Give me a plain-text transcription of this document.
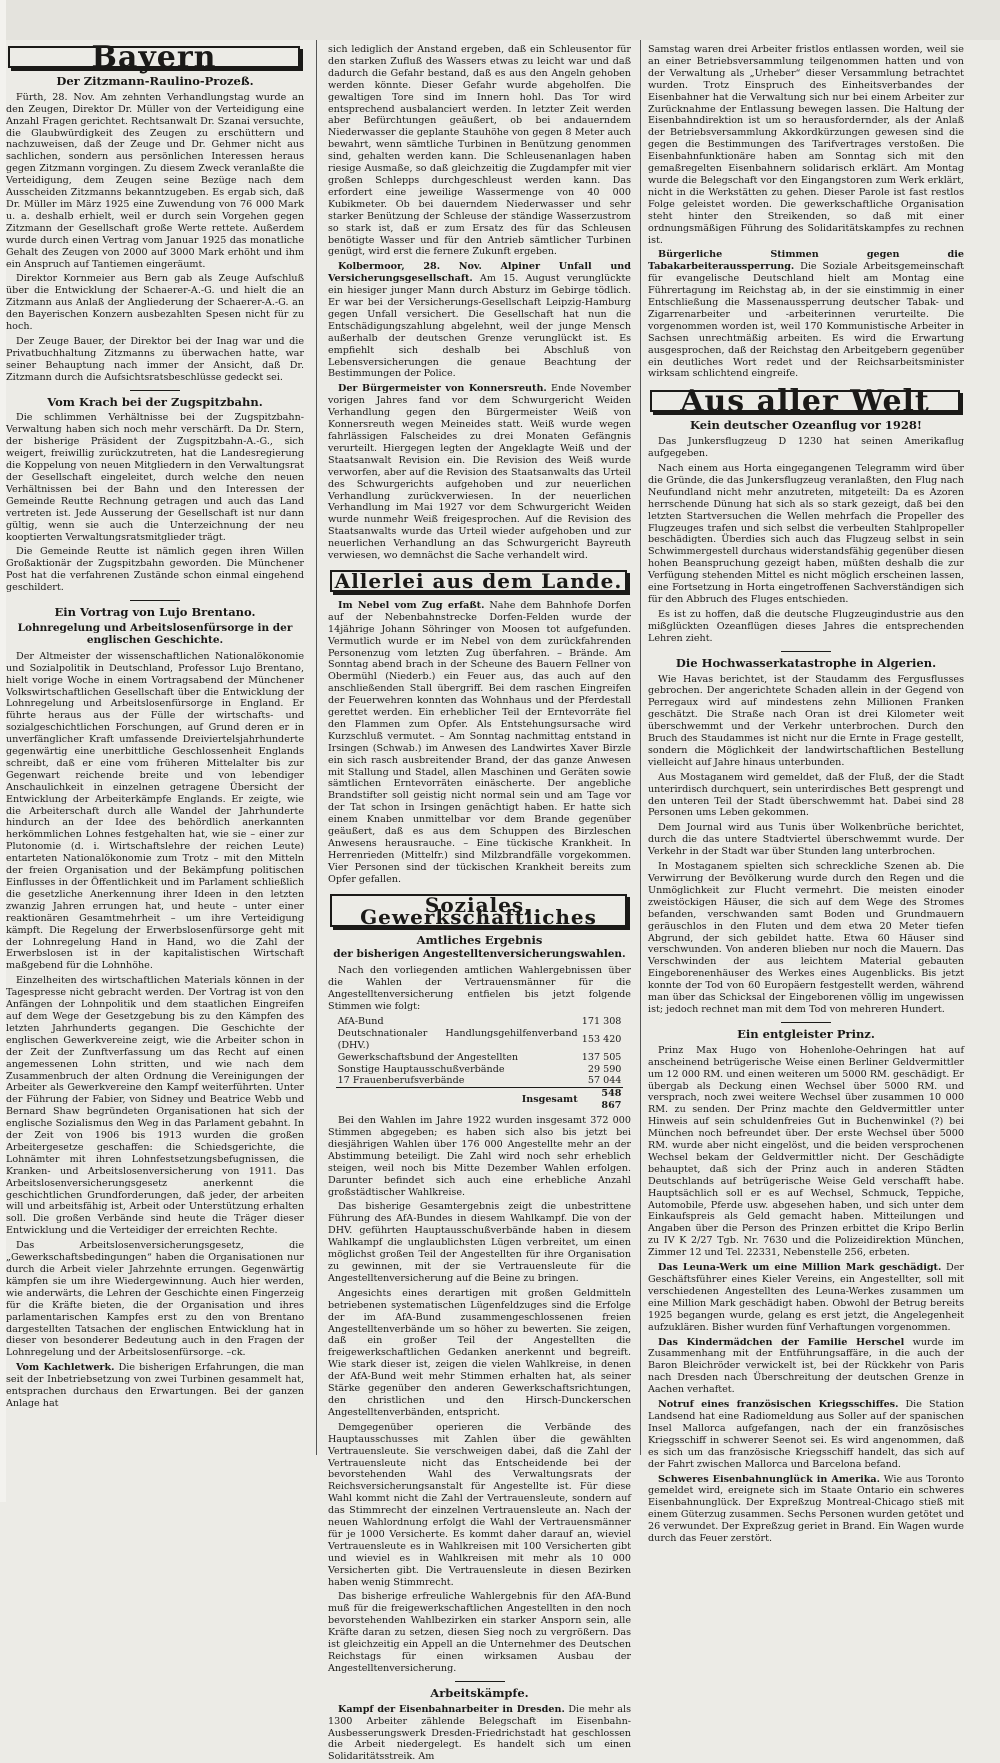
Bayern
Der Zitzmann-Raulino-Prozeß.

Fürth, 28. Nov. Am zehnten Verhandlungstag wurde an den Zeugen, Direktor Dr. Müller von der Verteidigung eine Anzahl Fragen gerichtet. Rechtsanwalt Dr. Szanai versuchte, die Glaubwürdigkeit des Zeugen zu erschüttern und nachzuweisen, daß der Zeuge und Dr. Gehmer nicht aus sachlichen, sondern aus persönlichen Interessen heraus gegen Zitzmann vorgingen. Zu diesem Zweck veranlaßte die Verteidigung, dem Zeugen seine Bezüge nach dem Ausscheiden Zitzmanns bekanntzugeben. Es ergab sich, daß Dr. Müller im März 1925 eine Zuwendung von 76 000 Mark u. a. deshalb erhielt, weil er durch sein Vorgehen gegen Zitzmann der Gesellschaft große Werte rettete. Außerdem wurde durch einen Vertrag vom Januar 1925 das monatliche Gehalt des Zeugen von 2000 auf 3000 Mark erhöht und ihm ein Anspruch auf Tantiemen eingeräumt.

Direktor Kornmeier aus Bern gab als Zeuge Aufschluß über die Entwicklung der Schaerer-A.-G. und hielt die an Zitzmann aus Anlaß der Angliederung der Schaerer-A.-G. an den Bayerischen Konzern ausbezahlten Spesen nicht für zu hoch.

Der Zeuge Bauer, der Direktor bei der Inag war und die Privatbuchhaltung Zitzmanns zu überwachen hatte, war seiner Behauptung nach immer der Ansicht, daß Dr. Zitzmann durch die Aufsichtsratsbeschlüsse gedeckt sei.

Vom Krach bei der Zugspitzbahn.

Die schlimmen Verhältnisse bei der Zugspitzbahn-Verwaltung haben sich noch mehr verschärft. Da Dr. Stern, der bisherige Präsident der Zugspitzbahn-A.-G., sich weigert, freiwillig zurückzutreten, hat die Landesregierung die Koppelung von neuen Mitgliedern in den Verwaltungsrat der Gesellschaft eingeleitet, durch welche den neuen Verhältnissen bei der Bahn und den Interessen der Gemeinde Reutte Rechnung getragen und auch das Land vertreten ist. Jede Ausserung der Gesellschaft ist nur dann gültig, wenn sie auch die Unterzeichnung der neu kooptierten Verwaltungsratsmitglieder trägt.

Die Gemeinde Reutte ist nämlich gegen ihren Willen Großaktionär der Zugspitzbahn geworden. Die Münchener Post hat die verfahrenen Zustände schon einmal eingehend geschildert.

Ein Vortrag von Lujo Brentano.
Lohnregelung und Arbeitslosenfürsorge in der englischen Geschichte.

Der Altmeister der wissenschaftlichen Nationalökonomie und Sozialpolitik in Deutschland, Professor Lujo Brentano, hielt vorige Woche in einem Vortragsabend der Münchener Volkswirtschaftlichen Gesellschaft über die Entwicklung der Lohnregelung und Arbeitslosenfürsorge in England. Er führte heraus aus der Fülle der wirtschafts- und sozialgeschichtlichen Forschungen, auf Grund deren er in unverfänglicher Kraft umfassende Dreiviertelsjahrhunderte gegenwärtig eine unerbittliche Geschlossenheit Englands schreibt, daß er eine vom früheren Mittelalter bis zur Gegenwart reichende breite und von lebendiger Anschaulichkeit in einzelnen getragene Übersicht der Entwicklung der Arbeiterkämpfe Englands. Er zeigte, wie die Arbeiterschaft durch alle Wandel der Jahrhunderte hindurch an der Idee des behördlich anerkannten herkömmlichen Lohnes festgehalten hat, wie sie – einer zur Plutonomie (d. i. Wirtschaftslehre der reichen Leute) entarteten Nationalökonomie zum Trotz – mit den Mitteln der freien Organisation und der Bekämpfung politischen Einflusses in der Öffentlichkeit und im Parlament schließlich die gesetzliche Anerkennung ihrer Ideen in den letzten zwanzig Jahren errungen hat, und heute – unter einer reaktionären Gesamtmehrheit – um ihre Verteidigung kämpft. Die Regelung der Erwerbslosenfürsorge geht mit der Lohnregelung Hand in Hand, wo die Zahl der Erwerbslosen ist in der kapitalistischen Wirtschaft maßgebend für die Lohnhöhe.

Einzelheiten des wirtschaftlichen Materials können in der Tagespresse nicht gebracht werden. Der Vortrag ist von den Anfängen der Lohnpolitik und dem staatlichen Eingreifen auf dem Wege der Gesetzgebung bis zu den Kämpfen des letzten Jahrhunderts gegangen. Die Geschichte der englischen Gewerkvereine zeigt, wie die Arbeiter schon in der Zeit der Zunftverfassung um das Recht auf einen angemessenen Lohn stritten, und wie nach dem Zusammenbruch der alten Ordnung die Vereinigungen der Arbeiter als Gewerkvereine den Kampf weiterführten. Unter der Führung der Fabier, von Sidney und Beatrice Webb und Bernard Shaw begründeten Organisationen hat sich der englische Sozialismus den Weg in das Parlament gebahnt. In der Zeit von 1906 bis 1913 wurden die großen Arbeitergesetze geschaffen: die Schiedsgerichte, die Lohnämter mit ihren Lohnfestsetzungsbefugnissen, die Kranken- und Arbeitslosenversicherung von 1911. Das Arbeitslosenversicherungsgesetz anerkennt die geschichtlichen Grundforderungen, daß jeder, der arbeiten will und arbeitsfähig ist, Arbeit oder Unterstützung erhalten soll. Die großen Verbände sind heute die Träger dieser Entwicklung und die Verteidiger der erreichten Rechte.

Das Arbeitslosenversicherungsgesetz, die „Gewerkschaftsbedingungen“ haben die Organisationen nur durch die Arbeit vieler Jahrzehnte errungen. Gegenwärtig kämpfen sie um ihre Wiedergewinnung. Auch hier werden, wie anderwärts, die Lehren der Geschichte einen Fingerzeig für die Kräfte bieten, die der Organisation und ihres parlamentarischen Kampfes erst zu den von Brentano dargestellten Tatsachen der englischen Entwicklung hat in dieser von besonderer Bedeutung auch in den Fragen der Lohnregelung und der Arbeitslosenfürsorge. –ck.

Vom Kachletwerk. Die bisherigen Erfahrungen, die man seit der Inbetriebsetzung von zwei Turbinen gesammelt hat, entsprachen durchaus den Erwartungen. Bei der ganzen Anlage hat

sich lediglich der Anstand ergeben, daß ein Schleusentor für den starken Zufluß des Wassers etwas zu leicht war und daß dadurch die Gefahr bestand, daß es aus den Angeln gehoben werden könnte. Dieser Gefahr wurde abgeholfen. Die gewaltigen Tore sind im Innern hohl. Das Tor wird entsprechend ausbalanciert werden. In letzter Zeit werden aber Befürchtungen geäußert, ob bei andauerndem Niederwasser die geplante Stauhöhe von gegen 8 Meter auch bewahrt, wenn sämtliche Turbinen in Benützung genommen sind, gehalten werden kann. Die Schleusenanlagen haben riesige Ausmaße, so daß gleichzeitig die Zugdampfer mit vier großen Schlepps durchgeschleust werden kann. Das erfordert eine jeweilige Wassermenge von 40 000 Kubikmeter. Ob bei dauerndem Niederwasser und sehr starker Benützung der Schleuse der ständige Wasserzustrom so stark ist, daß er zum Ersatz des für das Schleusen benötigte Wasser und für den Antrieb sämtlicher Turbinen genügt, wird erst die fernere Zukunft ergeben.

Kolbermoor, 28. Nov. Alpiner Unfall und Versicherungsgesellschaft. Am 15. August verunglückte ein hiesiger junger Mann durch Absturz im Gebirge tödlich. Er war bei der Versicherungs-Gesellschaft Leipzig-Hamburg gegen Unfall versichert. Die Gesellschaft hat nun die Entschädigungszahlung abgelehnt, weil der junge Mensch außerhalb der deutschen Grenze verunglückt ist. Es empfiehlt sich deshalb bei Abschluß von Lebensversicherungen die genaue Beachtung der Bestimmungen der Police.

Der Bürgermeister von Konnersreuth. Ende November vorigen Jahres fand vor dem Schwurgericht Weiden Verhandlung gegen den Bürgermeister Weiß von Konnersreuth wegen Meineides statt. Weiß wurde wegen fahrlässigen Falscheides zu drei Monaten Gefängnis verurteilt. Hiergegen legten der Angeklagte Weiß und der Staatsanwalt Revision ein. Die Revision des Weiß wurde verworfen, aber auf die Revision des Staatsanwalts das Urteil des Schwurgerichts aufgehoben und zur neuerlichen Verhandlung zurückverwiesen. In der neuerlichen Verhandlung im Mai 1927 vor dem Schwurgericht Weiden wurde nunmehr Weiß freigesprochen. Auf die Revision des Staatsanwalts wurde das Urteil wieder aufgehoben und zur neuerlichen Verhandlung an das Schwurgericht Bayreuth verwiesen, wo demnächst die Sache verhandelt wird.

Allerlei aus dem Lande.

Im Nebel vom Zug erfaßt. Nahe dem Bahnhofe Dorfen auf der Nebenbahnstrecke Dorfen-Felden wurde der 14jährige Johann Söhringer von Moosen tot aufgefunden. Vermutlich wurde er im Nebel von dem zurückfahrenden Personenzug vom letzten Zug überfahren. – Brände. Am Sonntag abend brach in der Scheune des Bauern Fellner von Obermühl (Niederb.) ein Feuer aus, das auch auf den anschließenden Stall übergriff. Bei dem raschen Eingreifen der Feuerwehren konnten das Wohnhaus und der Pferdestall gerettet werden. Ein erheblicher Teil der Erntevorräte fiel den Flammen zum Opfer. Als Entstehungsursache wird Kurzschluß vermutet. – Am Sonntag nachmittag entstand in Irsingen (Schwab.) im Anwesen des Landwirtes Xaver Birzle ein sich rasch ausbreitender Brand, der das ganze Anwesen mit Stallung und Stadel, allen Maschinen und Geräten sowie sämtlichen Erntevorräten einäscherte. Der angebliche Brandstifter soll geistig nicht normal sein und am Tage vor der Tat schon in Irsingen genächtigt haben. Er hatte sich einem Knaben unmittelbar vor dem Brande gegenüber geäußert, daß es aus dem Schuppen des Birzleschen Anwesens herausrauche. – Eine tückische Krankheit. In Herrenrieden (Mittelfr.) sind Milzbrandfälle vorgekommen. Vier Personen sind der tückischen Krankheit bereits zum Opfer gefallen.

Soziales, Gewerkschaftliches
Amtliches Ergebnis
der bisherigen Angestelltenversicherungswahlen.

Nach den vorliegenden amtlichen Wahlergebnissen über die Wahlen der Vertrauensmänner für die Angestelltenversicherung entfielen bis jetzt folgende Stimmen wie folgt:

AfA-Bund	171 308
Deutschnationaler Handlungsgehilfenverband (DHV.)	153 420
Gewerkschaftsbund der Angestellten	137 505
Sonstige Hauptausschußverbände	29 590
17 Frauenberufsverbände	57 044
Insgesamt	548 867

Bei den Wahlen im Jahre 1922 wurden insgesamt 372 000 Stimmen abgegeben; es haben sich also bis jetzt bei diesjährigen Wahlen über 176 000 Angestellte mehr an der Abstimmung beteiligt. Die Zahl wird noch sehr erheblich steigen, weil noch bis Mitte Dezember Wahlen erfolgen. Darunter befindet sich auch eine erhebliche Anzahl großstädtischer Wahlkreise.

Das bisherige Gesamtergebnis zeigt die unbestrittene Führung des AfA-Bundes in diesem Wahlkampf. Die von der DHV. geführten Hauptausschußverbände haben in diesem Wahlkampf die unglaublichsten Lügen verbreitet, um einen möglichst großen Teil der Angestellten für ihre Organisation zu gewinnen, mit der sie Vertrauensleute für die Angestelltenversicherung auf die Beine zu bringen.

Angesichts eines derartigen mit großen Geldmitteln betriebenen systematischen Lügenfeldzuges sind die Erfolge der im AfA-Bund zusammengeschlossenen freien Angestelltenverbände um so höher zu bewerten. Sie zeigen, daß ein großer Teil der Angestellten die freigewerkschaftlichen Gedanken anerkennt und begreift. Wie stark dieser ist, zeigen die vielen Wahlkreise, in denen der AfA-Bund weit mehr Stimmen erhalten hat, als seiner Stärke gegenüber den anderen Gewerkschaftsrichtungen, den christlichen und den Hirsch-Dunckerschen Angestelltenverbänden, entspricht.

Demgegenüber operieren die Verbände des Hauptausschusses mit Zahlen über die gewählten Vertrauensleute. Sie verschweigen dabei, daß die Zahl der Vertrauensleute nicht das Entscheidende bei der bevorstehenden Wahl des Verwaltungsrats der Reichsversicherungsanstalt für Angestellte ist. Für diese Wahl kommt nicht die Zahl der Vertrauensleute, sondern auf das Stimmrecht der einzelnen Vertrauensleute an. Nach der neuen Wahlordnung erfolgt die Wahl der Vertrauensmänner für je 1000 Versicherte. Es kommt daher darauf an, wieviel Vertrauensleute es in Wahlkreisen mit 100 Versicherten gibt und wieviel es in Wahlkreisen mit mehr als 10 000 Versicherten gibt. Die Vertrauensleute in diesen Bezirken haben wenig Stimmrecht.

Das bisherige erfreuliche Wahlergebnis für den AfA-Bund muß für die freigewerkschaftlichen Angestellten in den noch bevorstehenden Wahlbezirken ein starker Ansporn sein, alle Kräfte daran zu setzen, diesen Sieg noch zu vergrößern. Das ist gleichzeitig ein Appell an die Unternehmer des Deutschen Reichstags für einen wirksamen Ausbau der Angestelltenversicherung.

Arbeitskämpfe.

Kampf der Eisenbahnarbeiter in Dresden. Die mehr als 1300 Arbeiter zählende Belegschaft im Eisenbahn-Ausbesserungswerk Dresden-Friedrichstadt hat geschlossen die Arbeit niedergelegt. Es handelt sich um einen Solidaritätsstreik. Am

Samstag waren drei Arbeiter fristlos entlassen worden, weil sie an einer Betriebsversammlung teilgenommen hatten und von der Verwaltung als „Urheber“ dieser Versammlung betrachtet wurden. Trotz Einspruch des Einheitsverbandes der Eisenbahner hat die Verwaltung sich nur bei einem Arbeiter zur Zurücknahme der Entlassung bewegen lassen. Die Haltung der Eisenbahndirektion ist um so herausfordernder, als der Anlaß der Betriebsversammlung Akkordkürzungen gewesen sind die gegen die Bestimmungen des Tarifvertrages verstoßen. Die Eisenbahnfunktionäre haben am Sonntag sich mit den gemaßregelten Eisenbahnern solidarisch erklärt. Am Montag wurde die Belegschaft vor den Eingangstoren zum Werk erklärt, nicht in die Werkstätten zu gehen. Dieser Parole ist fast restlos Folge geleistet worden. Die gewerkschaftliche Organisation steht hinter den Streikenden, so daß mit einer ordnungsmäßigen Führung des Solidaritätskampfes zu rechnen ist.

Bürgerliche Stimmen gegen die Tabakarbeiteraussperrung. Die Soziale Arbeitsgemeinschaft für evangelische Deutschland hielt am Montag eine Führertagung im Reichstag ab, in der sie einstimmig in einer Entschließung die Massenaussperrung deutscher Tabak- und Zigarrenarbeiter und -arbeiterinnen verurteilte. Die vorgenommen worden ist, weil 170 Kommunistische Arbeiter in Sachsen unrechtmäßig arbeiten. Es wird die Erwartung ausgesprochen, daß der Reichstag den Arbeitgebern gegenüber ein deutliches Wort redet und der Reichsarbeitsminister wirksam schlichtend eingreife.

Aus aller Welt
Kein deutscher Ozeanflug vor 1928!

Das Junkersflugzeug D 1230 hat seinen Amerikaflug aufgegeben.

Nach einem aus Horta eingegangenen Telegramm wird über die Gründe, die das Junkersflugzeug veranlaßten, den Flug nach Neufundland nicht mehr anzutreten, mitgeteilt: Da es Azoren herrschende Dünung hat sich als so stark gezeigt, daß bei den letzten Startversuchen die Wellen mehrfach die Propeller des Flugzeuges trafen und sich selbst die verbeulten Stahlpropeller beschädigten. Überdies sich auch das Flugzeug selbst in sein Schwimmergestell durchaus widerstandsfähig gegenüber diesen hohen Beanspruchung gezeigt haben, müßten deshalb die zur Verfügung stehenden Mittel es nicht möglich erscheinen lassen, eine Fortsetzung in Horta eingetroffenen Sachverständigen sich für den Abbruch des Fluges entschieden.

Es ist zu hoffen, daß die deutsche Flugzeugindustrie aus den mißglückten Ozeanflügen dieses Jahres die entsprechenden Lehren zieht.

Die Hochwasserkatastrophe in Algerien.

Wie Havas berichtet, ist der Staudamm des Fergusflusses gebrochen. Der angerichtete Schaden allein in der Gegend von Perregaux wird auf mindestens zehn Millionen Franken geschätzt. Die Straße nach Oran ist drei Kilometer weit überschwemmt und der Verkehr unterbrochen. Durch den Bruch des Staudammes ist nicht nur die Ernte in Frage gestellt, sondern die Möglichkeit der landwirtschaftlichen Bestellung vielleicht auf Jahre hinaus unterbunden.

Aus Mostaganem wird gemeldet, daß der Fluß, der die Stadt unterirdisch durchquert, sein unterirdisches Bett gesprengt und den unteren Teil der Stadt überschwemmt hat. Dabei sind 28 Personen ums Leben gekommen.

Dem Journal wird aus Tunis über Wolkenbrüche berichtet, durch die das untere Stadtviertel überschwemmt wurde. Der Verkehr in der Stadt war über Stunden lang unterbrochen.

In Mostaganem spielten sich schreckliche Szenen ab. Die Verwirrung der Bevölkerung wurde durch den Regen und die Unmöglichkeit zur Flucht vermehrt. Die meisten einoder zweistöckigen Häuser, die sich auf dem Wege des Stromes befanden, verschwanden samt Boden und Grundmauern geräuschlos in den Fluten und dem etwa 20 Meter tiefen Abgrund, der sich gebildet hatte. Etwa 60 Häuser sind verschwunden. Von anderen blieben nur noch die Mauern. Das Verschwinden der aus leichtem Material gebauten Eingeborenenhäuser des Werkes eines Augenblicks. Bis jetzt konnte der Tod von 60 Europäern festgestellt werden, während man über das Schicksal der Eingeborenen völlig im ungewissen ist; jedoch rechnet man mit dem Tod von mehreren Hundert.

Ein entgleister Prinz.

Prinz Max Hugo von Hohenlohe-Oehringen hat auf anscheinend betrügerische Weise einen Berliner Geldvermittler um 12 000 RM. und einen weiteren um 5000 RM. geschädigt. Er übergab als Deckung einen Wechsel über 5000 RM. und versprach, noch zwei weitere Wechsel über zusammen 10 000 RM. zu senden. Der Prinz machte den Geldvermittler unter Hinweis auf sein schuldenfreies Gut in Buchenwinkel (?) bei München noch befreundet über. Der erste Wechsel über 5000 RM. wurde aber nicht eingelöst, und die beiden versprochenen Wechsel bekam der Geldvermittler nicht. Der Geschädigte behauptet, daß sich der Prinz auch in anderen Städten Deutschlands auf betrügerische Weise Geld verschafft habe. Hauptsächlich soll er es auf Wechsel, Schmuck, Teppiche, Automobile, Pferde usw. abgesehen haben, und sich unter dem Einkaufspreis als Geld gemacht haben. Mitteilungen und Angaben über die Person des Prinzen erbittet die Kripo Berlin zu IV K 2/27 Tgb. Nr. 7630 und die Polizeidirektion München, Zimmer 12 und Tel. 22331, Nebenstelle 256, erbeten.

Das Leuna-Werk um eine Million Mark geschädigt. Der Geschäftsführer eines Kieler Vereins, ein Angestellter, soll mit verschiedenen Angestellten des Leuna-Werkes zusammen um eine Million Mark geschädigt haben. Obwohl der Betrug bereits 1925 begangen wurde, gelang es erst jetzt, die Angelegenheit aufzuklären. Bisher wurden fünf Verhaftungen vorgenommen.

Das Kindermädchen der Familie Herschel wurde im Zusammenhang mit der Entführungsaffäre, in die auch der Baron Bleichröder verwickelt ist, bei der Rückkehr von Paris nach Dresden nach Überschreitung der deutschen Grenze in Aachen verhaftet.

Notruf eines französischen Kriegsschiffes. Die Station Landsend hat eine Radiomeldung aus Soller auf der spanischen Insel Mallorca aufgefangen, nach der ein französisches Kriegsschiff in schwerer Seenot sei. Es wird angenommen, daß es sich um das französische Kriegsschiff handelt, das sich auf der Fahrt zwischen Mallorca und Barcelona befand.

Schweres Eisenbahnunglück in Amerika. Wie aus Toronto gemeldet wird, ereignete sich im Staate Ontario ein schweres Eisenbahnunglück. Der Expreßzug Montreal-Chicago stieß mit einem Güterzug zusammen. Sechs Personen wurden getötet und 26 verwundet. Der Expreßzug geriet in Brand. Ein Wagen wurde durch das Feuer zerstört.
